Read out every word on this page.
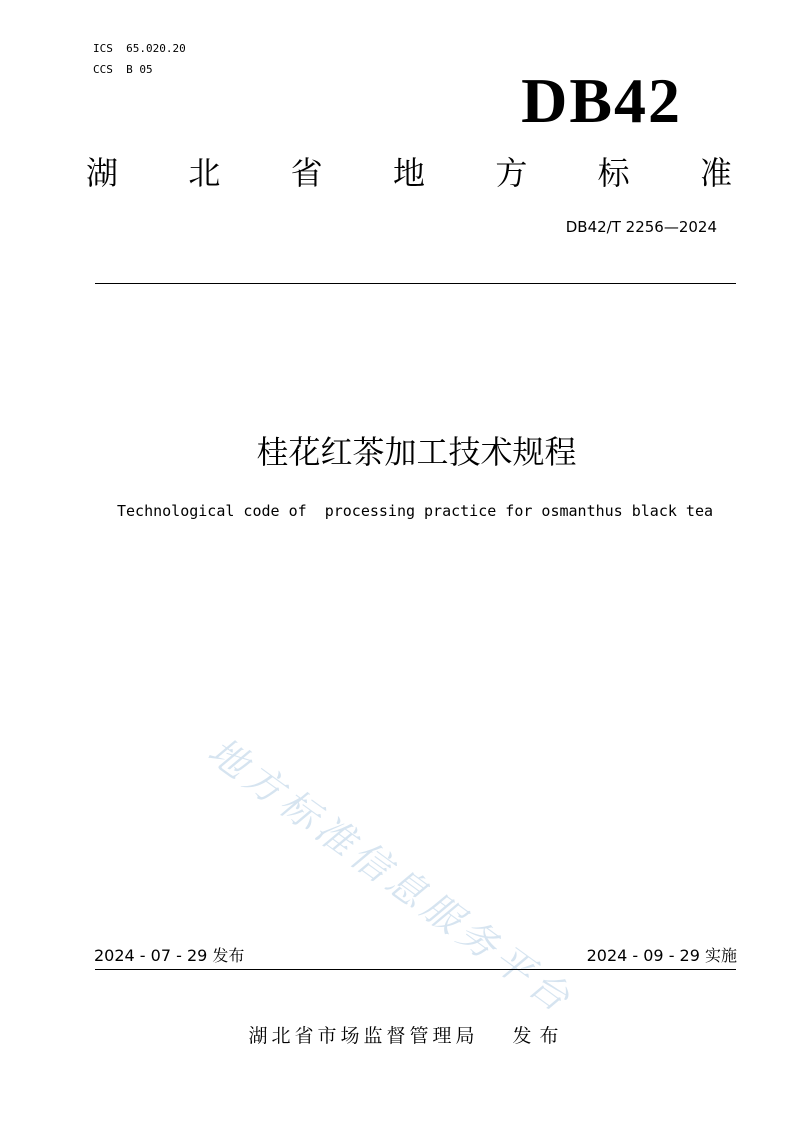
ICS  65.020.20
CCS  B 05	DB42
湖 北 省 地 方 标 准
DB42/T 2256—2024
桂花红茶加工技术规程
Technological code of  processing practice for osmanthus black tea
地方标准信息服务平台
2024 - 07 - 29 发布	2024 - 09 - 29 实施
湖北省市场监督管理局 发布
